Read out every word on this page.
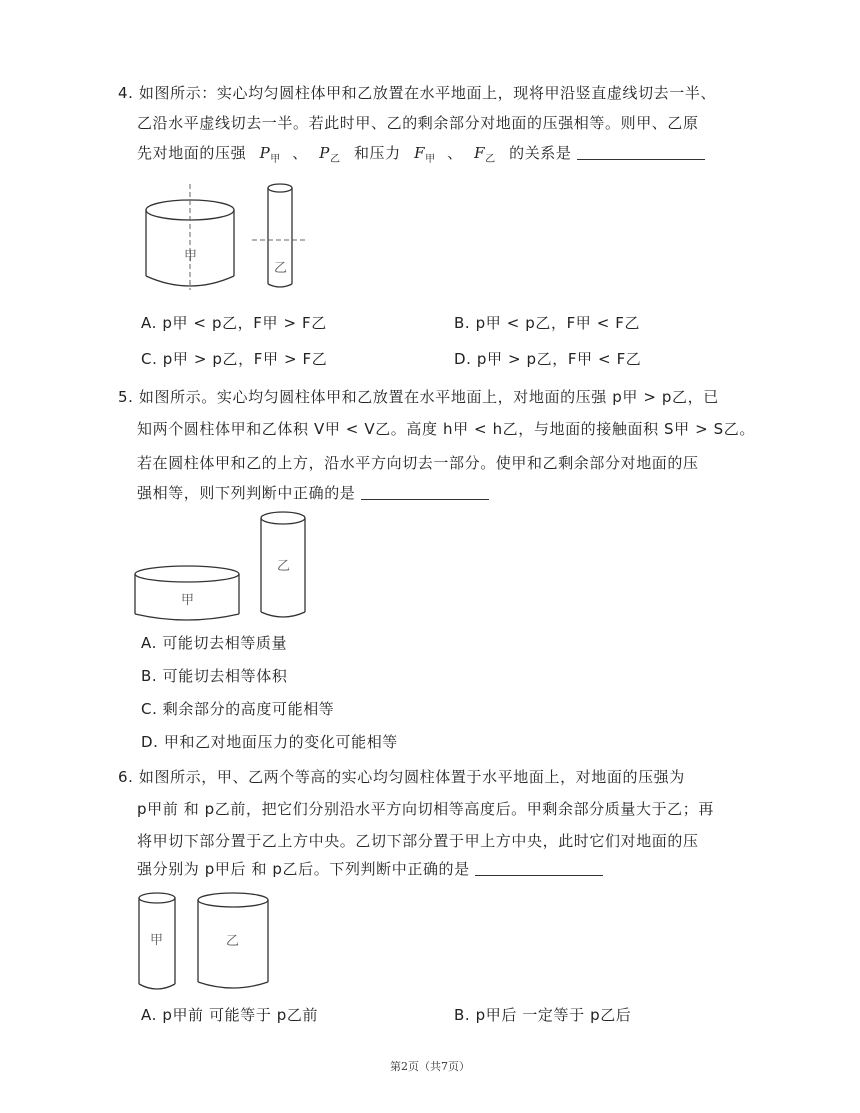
4. 如图所示：实心均匀圆柱体甲和乙放置在水平地面上，现将甲沿竖直虚线切去一半、
乙沿水平虚线切去一半。若此时甲、乙的剩余部分对地面的压强相等。则甲、乙原
先对地面的压强 $P_甲$ 、 $P_乙$ 和压力 $F_甲$ 、 $F_乙$ 的关系是
甲
乙
A. p甲 < p乙，F甲 > F乙	B. p甲 < p乙，F甲 < F乙
C. p甲 > p乙，F甲 > F乙	D. p甲 > p乙，F甲 < F乙
5. 如图所示。实心均匀圆柱体甲和乙放置在水平地面上，对地面的压强 p甲 > p乙，已
知两个圆柱体甲和乙体积 V甲 < V乙。高度 h甲 < h乙，与地面的接触面积 S甲 > S乙。
若在圆柱体甲和乙的上方，沿水平方向切去一部分。使甲和乙剩余部分对地面的压
强相等，则下列判断中正确的是
甲
乙
A. 可能切去相等质量
B. 可能切去相等体积
C. 剩余部分的高度可能相等
D. 甲和乙对地面压力的变化可能相等
6. 如图所示，甲、乙两个等高的实心均匀圆柱体置于水平地面上，对地面的压强为
p甲前 和 p乙前，把它们分别沿水平方向切相等高度后。甲剩余部分质量大于乙；再
将甲切下部分置于乙上方中央。乙切下部分置于甲上方中央，此时它们对地面的压
强分别为 p甲后 和 p乙后。下列判断中正确的是
甲	乙
A. p甲前 可能等于 p乙前	B. p甲后 一定等于 p乙后
第2页（共7页）
